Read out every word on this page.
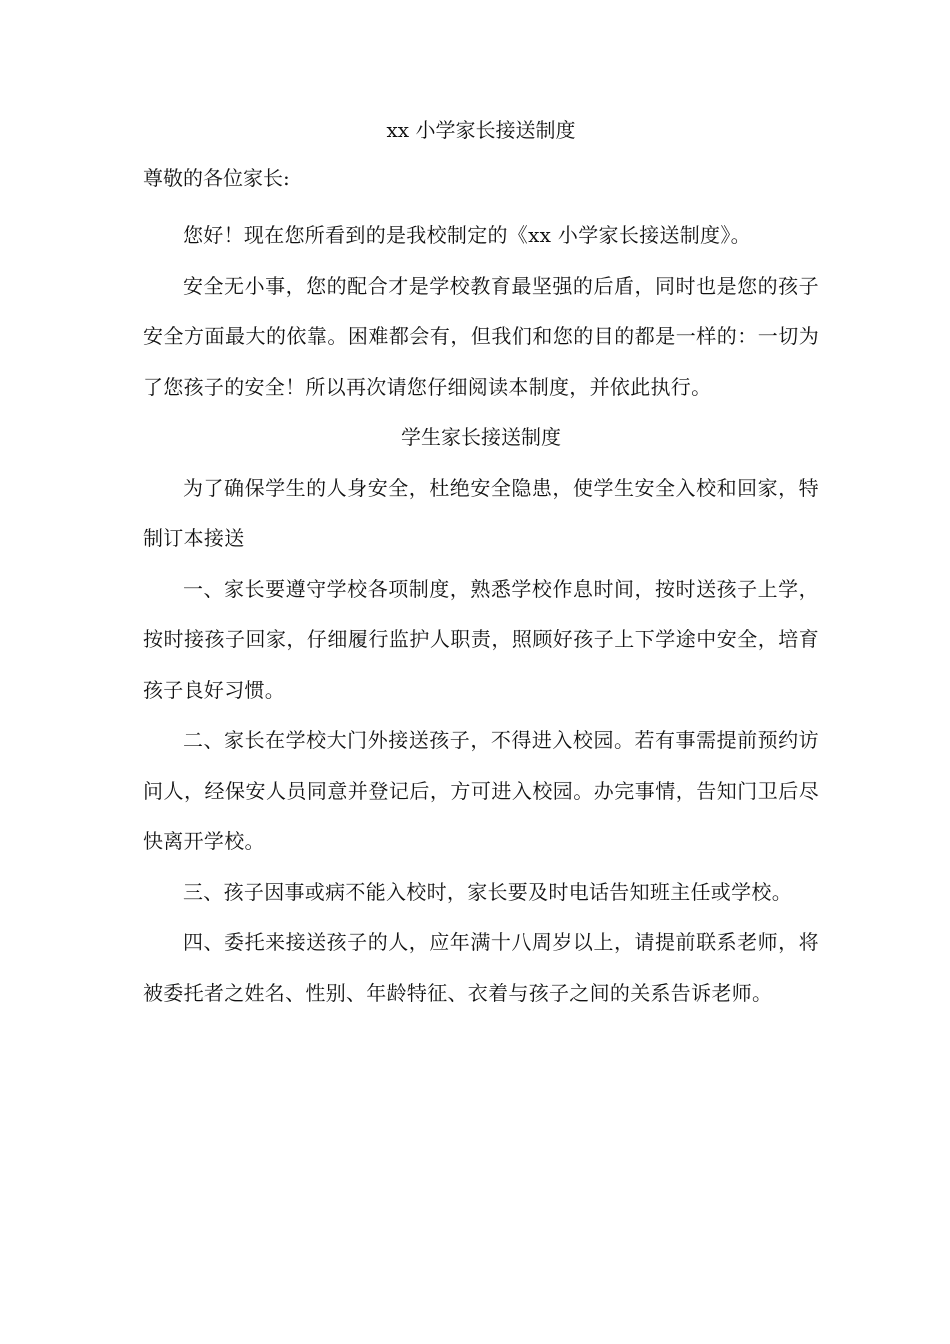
xx 小学家长接送制度

尊敬的各位家长:

您好！现在您所看到的是我校制定的《xx 小学家长接送制度》。

安全无小事，您的配合才是学校教育最坚强的后盾，同时也是您的孩子安全方面最大的依靠。困难都会有，但我们和您的目的都是一样的：一切为了您孩子的安全！所以再次请您仔细阅读本制度，并依此执行。

学生家长接送制度

为了确保学生的人身安全，杜绝安全隐患，使学生安全入校和回家，特制订本接送

一、家长要遵守学校各项制度，熟悉学校作息时间，按时送孩子上学，按时接孩子回家，仔细履行监护人职责，照顾好孩子上下学途中安全，培育孩子良好习惯。

二、家长在学校大门外接送孩子，不得进入校园。若有事需提前预约访问人，经保安人员同意并登记后，方可进入校园。办完事情，告知门卫后尽快离开学校。

三、孩子因事或病不能入校时，家长要及时电话告知班主任或学校。

四、委托来接送孩子的人，应年满十八周岁以上，请提前联系老师，将被委托者之姓名、性别、年龄特征、衣着与孩子之间的关系告诉老师。
